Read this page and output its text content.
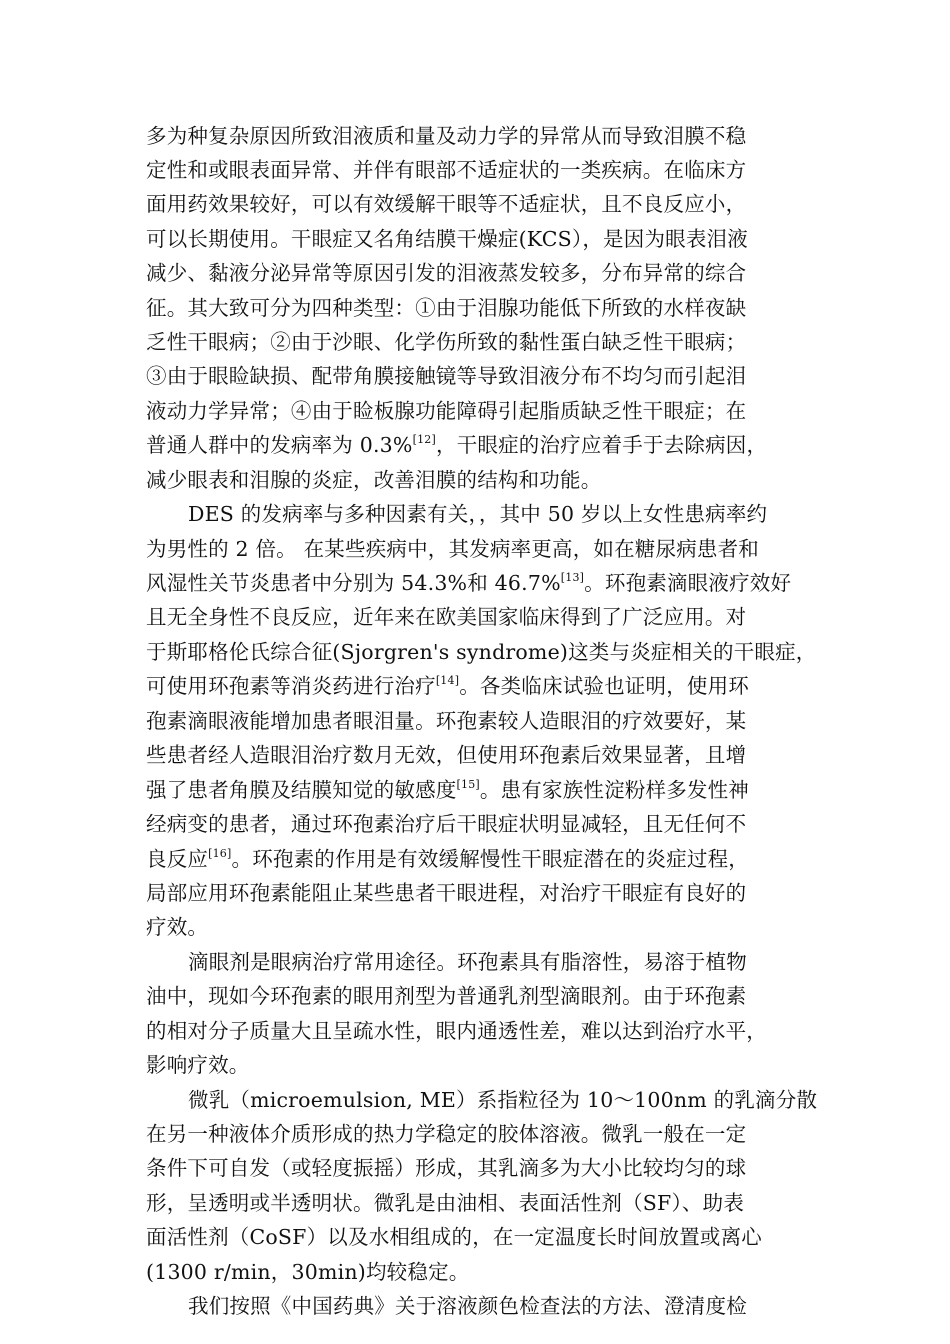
多为种复杂原因所致泪液质和量及动力学的异常从而导致泪膜不稳
定性和或眼表面异常、并伴有眼部不适症状的一类疾病。在临床方
面用药效果较好，可以有效缓解干眼等不适症状，且不良反应小，
可以长期使用。干眼症又名角结膜干燥症(KCS），是因为眼表泪液
减少、黏液分泌异常等原因引发的泪液蒸发较多，分布异常的综合
征。其大致可分为四种类型：①由于泪腺功能低下所致的水样夜缺
乏性干眼病；②由于沙眼、化学伤所致的黏性蛋白缺乏性干眼病；
③由于眼睑缺损、配带角膜接触镜等导致泪液分布不均匀而引起泪
液动力学异常；④由于睑板腺功能障碍引起脂质缺乏性干眼症；在
普通人群中的发病率为 0.3%[12]，干眼症的治疗应着手于去除病因，
减少眼表和泪腺的炎症，改善泪膜的结构和功能。
DES 的发病率与多种因素有关，，其中 50 岁以上女性患病率约
为男性的 2 倍。 在某些疾病中，其发病率更高，如在糖尿病患者和
风湿性关节炎患者中分别为 54.3%和 46.7%[13]。环孢素滴眼液疗效好
且无全身性不良反应，近年来在欧美国家临床得到了广泛应用。对
于斯耶格伦氏综合征(Sjorgren's syndrome)这类与炎症相关的干眼症，
可使用环孢素等消炎药进行治疗[14]。各类临床试验也证明，使用环
孢素滴眼液能增加患者眼泪量。环孢素较人造眼泪的疗效要好，某
些患者经人造眼泪治疗数月无效，但使用环孢素后效果显著，且增
强了患者角膜及结膜知觉的敏感度[15]。患有家族性淀粉样多发性神
经病变的患者，通过环孢素治疗后干眼症状明显减轻，且无任何不
良反应[16]。环孢素的作用是有效缓解慢性干眼症潜在的炎症过程，
局部应用环孢素能阻止某些患者干眼进程，对治疗干眼症有良好的
疗效。
滴眼剂是眼病治疗常用途径。环孢素具有脂溶性，易溶于植物
油中，现如今环孢素的眼用剂型为普通乳剂型滴眼剂。由于环孢素
的相对分子质量大且呈疏水性，眼内通透性差，难以达到治疗水平，
影响疗效。
微乳（microemulsion, ME）系指粒径为 10～100nm 的乳滴分散
在另一种液体介质形成的热力学稳定的胶体溶液。微乳一般在一定
条件下可自发（或轻度振摇）形成，其乳滴多为大小比较均匀的球
形，呈透明或半透明状。微乳是由油相、表面活性剂（SF）、助表
面活性剂（CoSF）以及水相组成的，在一定温度长时间放置或离心
(1300 r/min，30min)均较稳定。
我们按照《中国药典》关于溶液颜色检查法的方法、澄清度检
